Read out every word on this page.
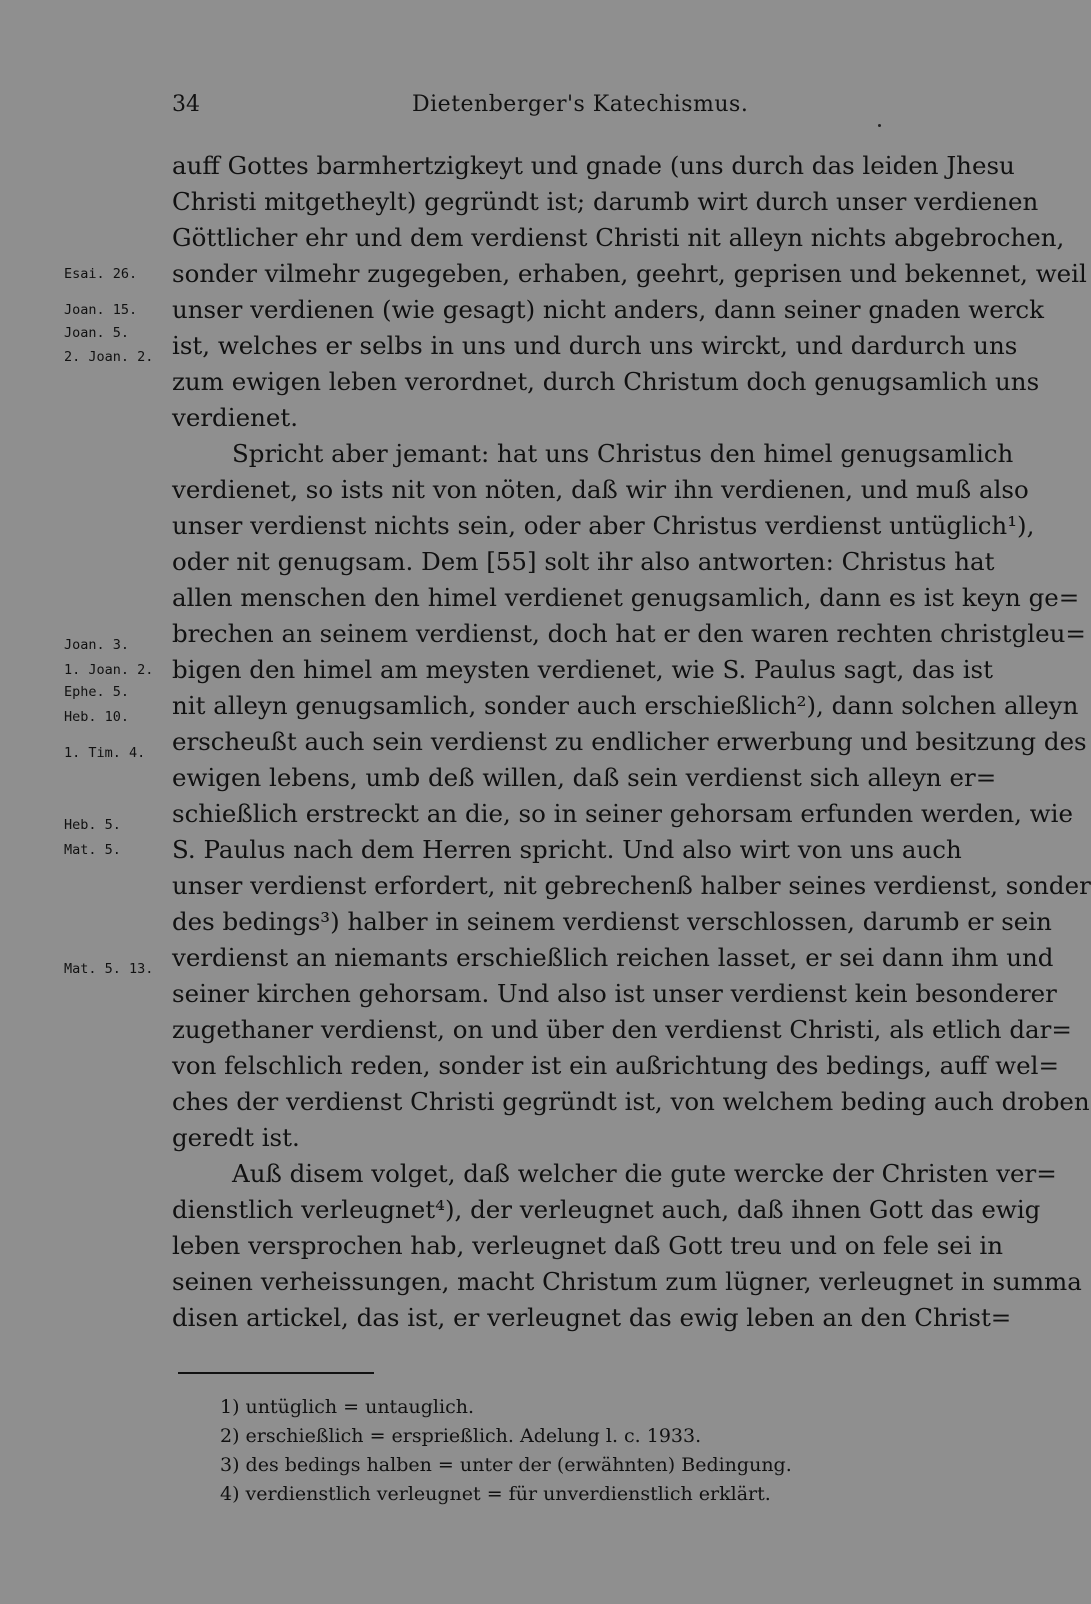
34	Dietenberger's Katechismus.
auff Gottes barmhertzigkeyt und gnade (uns durch das leiden Jhesu
Christi mitgetheylt) gegründt ist; darumb wirt durch unser verdienen
Göttlicher ehr und dem verdienst Christi nit alleyn nichts abgebrochen,
sonder vilmehr zugegeben, erhaben, geehrt, geprisen und bekennet, weil
unser verdienen (wie gesagt) nicht anders, dann seiner gnaden werck
ist, welches er selbs in uns und durch uns wirckt, und dardurch uns
zum ewigen leben verordnet, durch Christum doch genugsamlich uns
verdienet.
Spricht aber jemant: hat uns Christus den himel genugsamlich
verdienet, so ists nit von nöten, daß wir ihn verdienen, und muß also
unser verdienst nichts sein, oder aber Christus verdienst untüglich¹),
oder nit genugsam. Dem [55] solt ihr also antworten: Christus hat
allen menschen den himel verdienet genugsamlich, dann es ist keyn ge=
brechen an seinem verdienst, doch hat er den waren rechten christgleu=
bigen den himel am meysten verdienet, wie S. Paulus sagt, das ist
nit alleyn genugsamlich, sonder auch erschießlich²), dann solchen alleyn
erscheußt auch sein verdienst zu endlicher erwerbung und besitzung des
ewigen lebens, umb deß willen, daß sein verdienst sich alleyn er=
schießlich erstreckt an die, so in seiner gehorsam erfunden werden, wie
S. Paulus nach dem Herren spricht. Und also wirt von uns auch
unser verdienst erfordert, nit gebrechenß halber seines verdienst, sonder
des bedings³) halber in seinem verdienst verschlossen, darumb er sein
verdienst an niemants erschießlich reichen lasset, er sei dann ihm und
seiner kirchen gehorsam. Und also ist unser verdienst kein besonderer
zugethaner verdienst, on und über den verdienst Christi, als etlich dar=
von felschlich reden, sonder ist ein außrichtung des bedings, auff wel=
ches der verdienst Christi gegründt ist, von welchem beding auch droben
geredt ist.
Auß disem volget, daß welcher die gute wercke der Christen ver=
dienstlich verleugnet⁴), der verleugnet auch, daß ihnen Gott das ewig
leben versprochen hab, verleugnet daß Gott treu und on fele sei in
seinen verheissungen, macht Christum zum lügner, verleugnet in summa
disen artickel, das ist, er verleugnet das ewig leben an den Christ=
Esai. 26.
Joan. 15.
Joan. 5.
2. Joan. 2.
Joan. 3.
1. Joan. 2.
Ephe. 5.
Heb. 10.
1. Tim. 4.
Heb. 5.
Mat. 5.
Mat. 5. 13.
1) untüglich = untauglich.
2) erschießlich = ersprießlich. Adelung l. c. 1933.
3) des bedings halben = unter der (erwähnten) Bedingung.
4) verdienstlich verleugnet = für unverdienstlich erklärt.
